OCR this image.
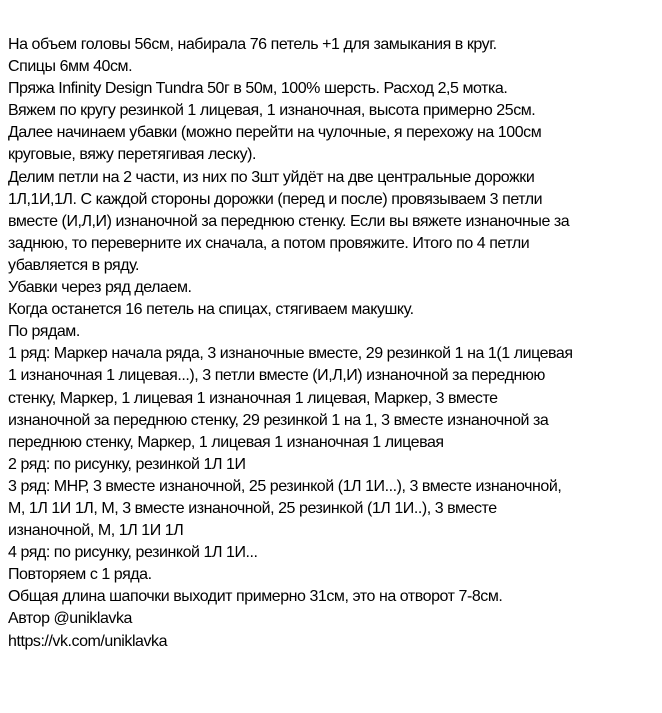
На объем головы 56см, набирала 76 петель +1 для замыкания в круг.
Спицы 6мм 40см.
Пряжа Infinity Design Tundra 50г в 50м, 100% шерсть. Расход 2,5 мотка.
Вяжем по кругу резинкой 1 лицевая, 1 изнаночная, высота примерно 25см.
Далее начинаем убавки (можно перейти на чулочные, я перехожу на 100см
круговые, вяжу перетягивая леску).
Делим петли на 2 части, из них по 3шт уйдёт на две центральные дорожки
1Л,1И,1Л. С каждой стороны дорожки (перед и после) провязываем 3 петли
вместе (И,Л,И) изнаночной за переднюю стенку. Если вы вяжете изнаночные за
заднюю, то переверните их сначала, а потом провяжите. Итого по 4 петли
убавляется в ряду.
Убавки через ряд делаем.
Когда останется 16 петель на спицах, стягиваем макушку.
По рядам.
1 ряд: Маркер начала ряда, 3 изнаночные вместе, 29 резинкой 1 на 1(1 лицевая
1 изнаночная 1 лицевая...), 3 петли вместе (И,Л,И) изнаночной за переднюю
стенку, Маркер, 1 лицевая 1 изнаночная 1 лицевая, Маркер, 3 вместе
изнаночной за переднюю стенку, 29 резинкой 1 на 1, 3 вместе изнаночной за
переднюю стенку, Маркер, 1 лицевая 1 изнаночная 1 лицевая
2 ряд: по рисунку, резинкой 1Л 1И
3 ряд: МНР, 3 вместе изнаночной, 25 резинкой (1Л 1И...), 3 вместе изнаночной,
М, 1Л 1И 1Л, М, 3 вместе изнаночной, 25 резинкой (1Л 1И..), 3 вместе
изнаночной, М, 1Л 1И 1Л
4 ряд: по рисунку, резинкой 1Л 1И...
Повторяем с 1 ряда.
Общая длина шапочки выходит примерно 31см, это на отворот 7-8см.
Автор @uniklavka
https://vk.com/uniklavka
